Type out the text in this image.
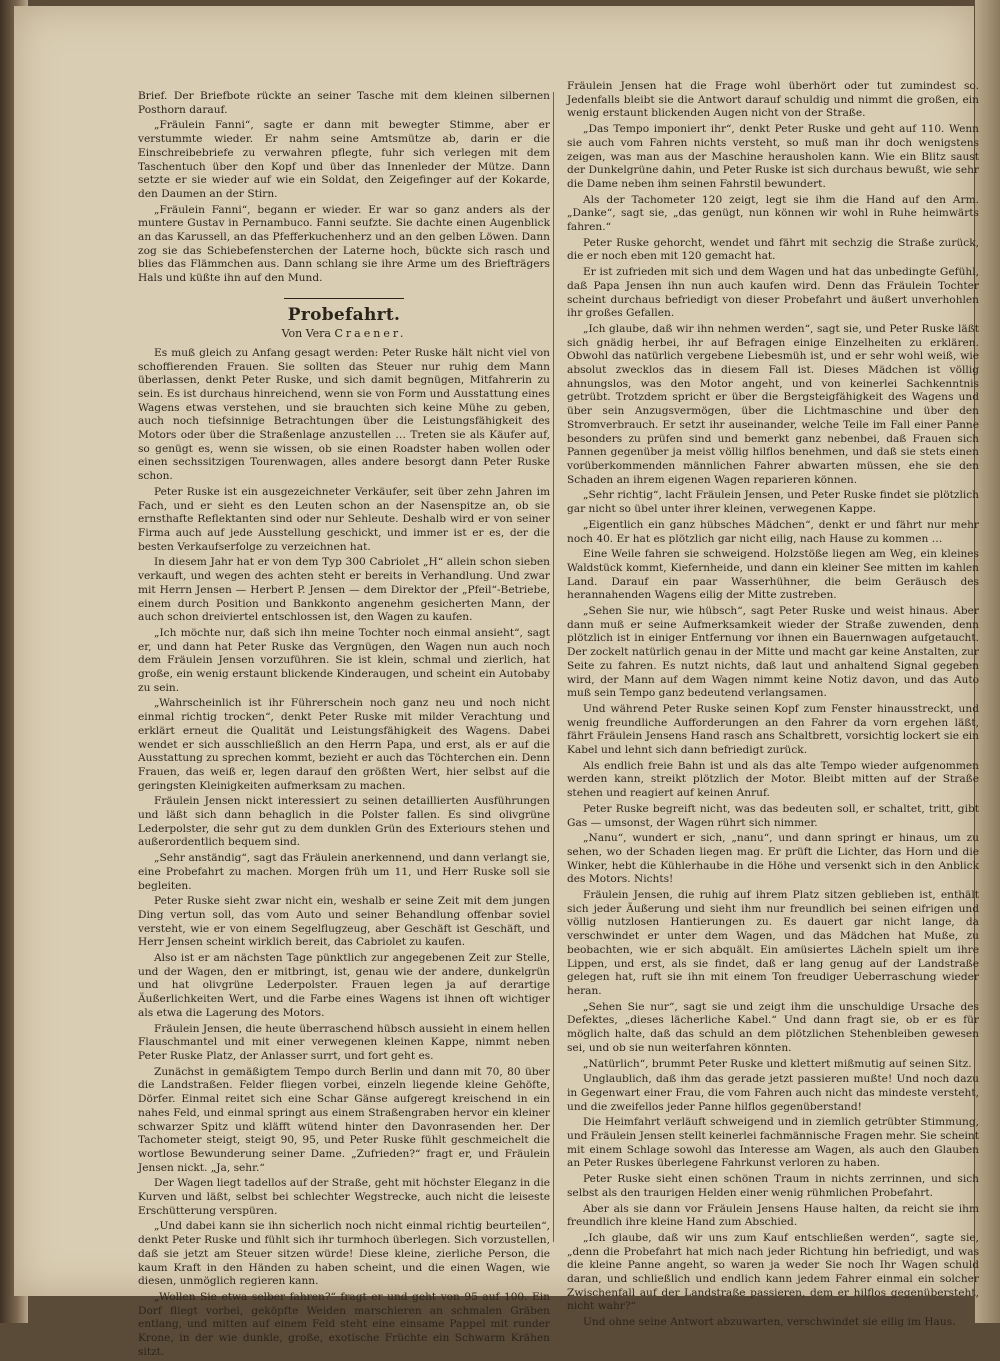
Brief. Der Briefbote rückte an seiner Tasche mit dem kleinen silbernen Posthorn darauf.

„Fräulein Fanni“, sagte er dann mit bewegter Stimme, aber er verstummte wieder. Er nahm seine Amtsmütze ab, darin er die Einschreibebriefe zu verwahren pflegte, fuhr sich verlegen mit dem Taschentuch über den Kopf und über das Innenleder der Mütze. Dann setzte er sie wieder auf wie ein Soldat, den Zeigefinger auf der Kokarde, den Daumen an der Stirn.

„Fräulein Fanni“, begann er wieder. Er war so ganz anders als der muntere Gustav in Pernambuco. Fanni seufzte. Sie dachte einen Augenblick an das Karussell, an das Pfefferkuchenherz und an den gelben Löwen. Dann zog sie das Schiebefensterchen der Laterne hoch, bückte sich rasch und blies das Flämmchen aus. Dann schlang sie ihre Arme um des Briefträgers Hals und küßte ihn auf den Mund.

Probefahrt.
Von Vera Craener.

Es muß gleich zu Anfang gesagt werden: Peter Ruske hält nicht viel von schoffierenden Frauen. Sie sollten das Steuer nur ruhig dem Mann überlassen, denkt Peter Ruske, und sich damit begnügen, Mitfahrerin zu sein. Es ist durchaus hinreichend, wenn sie von Form und Ausstattung eines Wagens etwas verstehen, und sie brauchten sich keine Mühe zu geben, auch noch tiefsinnige Betrachtungen über die Leistungsfähigkeit des Motors oder über die Straßenlage anzustellen … Treten sie als Käufer auf, so genügt es, wenn sie wissen, ob sie einen Roadster haben wollen oder einen sechssitzigen Tourenwagen, alles andere besorgt dann Peter Ruske schon.

Peter Ruske ist ein ausgezeichneter Verkäufer, seit über zehn Jahren im Fach, und er sieht es den Leuten schon an der Nasenspitze an, ob sie ernsthafte Reflektanten sind oder nur Sehleute. Deshalb wird er von seiner Firma auch auf jede Ausstellung geschickt, und immer ist er es, der die besten Verkaufserfolge zu verzeichnen hat.

In diesem Jahr hat er von dem Typ 300 Cabriolet „H“ allein schon sieben verkauft, und wegen des achten steht er bereits in Verhandlung. Und zwar mit Herrn Jensen — Herbert P. Jensen — dem Direktor der „Pfeil“-Betriebe, einem durch Position und Bankkonto angenehm gesicherten Mann, der auch schon dreiviertel entschlossen ist, den Wagen zu kaufen.

„Ich möchte nur, daß sich ihn meine Tochter noch einmal ansieht“, sagt er, und dann hat Peter Ruske das Vergnügen, den Wagen nun auch noch dem Fräulein Jensen vorzuführen. Sie ist klein, schmal und zierlich, hat große, ein wenig erstaunt blickende Kinderaugen, und scheint ein Autobaby zu sein.

„Wahrscheinlich ist ihr Führerschein noch ganz neu und noch nicht einmal richtig trocken“, denkt Peter Ruske mit milder Verachtung und erklärt erneut die Qualität und Leistungsfähigkeit des Wagens. Dabei wendet er sich ausschließlich an den Herrn Papa, und erst, als er auf die Ausstattung zu sprechen kommt, bezieht er auch das Töchterchen ein. Denn Frauen, das weiß er, legen darauf den größten Wert, hier selbst auf die geringsten Kleinigkeiten aufmerksam zu machen.

Fräulein Jensen nickt interessiert zu seinen detaillierten Ausführungen und läßt sich dann behaglich in die Polster fallen. Es sind olivgrüne Lederpolster, die sehr gut zu dem dunklen Grün des Exteriours stehen und außerordentlich bequem sind.

„Sehr anständig“, sagt das Fräulein anerkennend, und dann verlangt sie, eine Probefahrt zu machen. Morgen früh um 11, und Herr Ruske soll sie begleiten.

Peter Ruske sieht zwar nicht ein, weshalb er seine Zeit mit dem jungen Ding vertun soll, das vom Auto und seiner Behandlung offenbar soviel versteht, wie er von einem Segelflugzeug, aber Geschäft ist Geschäft, und Herr Jensen scheint wirklich bereit, das Cabriolet zu kaufen.

Also ist er am nächsten Tage pünktlich zur angegebenen Zeit zur Stelle, und der Wagen, den er mitbringt, ist, genau wie der andere, dunkelgrün und hat olivgrüne Lederpolster. Frauen legen ja auf derartige Äußerlichkeiten Wert, und die Farbe eines Wagens ist ihnen oft wichtiger als etwa die Lagerung des Motors.

Fräulein Jensen, die heute überraschend hübsch aussieht in einem hellen Flauschmantel und mit einer verwegenen kleinen Kappe, nimmt neben Peter Ruske Platz, der Anlasser surrt, und fort geht es.

Zunächst in gemäßigtem Tempo durch Berlin und dann mit 70, 80 über die Landstraßen. Felder fliegen vorbei, einzeln liegende kleine Gehöfte, Dörfer. Einmal reitet sich eine Schar Gänse aufgeregt kreischend in ein nahes Feld, und einmal springt aus einem Straßengraben hervor ein kleiner schwarzer Spitz und kläfft wütend hinter den Davonrasenden her. Der Tachometer steigt, steigt 90, 95, und Peter Ruske fühlt geschmeichelt die wortlose Bewunderung seiner Dame. „Zufrieden?“ fragt er, und Fräulein Jensen nickt. „Ja, sehr.“

Der Wagen liegt tadellos auf der Straße, geht mit höchster Eleganz in die Kurven und läßt, selbst bei schlechter Wegstrecke, auch nicht die leiseste Erschütterung verspüren.

„Und dabei kann sie ihn sicherlich noch nicht einmal richtig beurteilen“, denkt Peter Ruske und fühlt sich ihr turmhoch überlegen. Sich vorzustellen, daß sie jetzt am Steuer sitzen würde! Diese kleine, zierliche Person, die kaum Kraft in den Händen zu haben scheint, und die einen Wagen, wie diesen, unmöglich regieren kann.

„Wollen Sie etwa selber fahren?“ fragt er und geht von 95 auf 100. Ein Dorf fliegt vorbei, geköpfte Weiden marschieren an schmalen Gräben entlang, und mitten auf einem Feld steht eine einsame Pappel mit runder Krone, in der wie dunkle, große, exotische Früchte ein Schwarm Krähen sitzt.

Fräulein Jensen hat die Frage wohl überhört oder tut zumindest so. Jedenfalls bleibt sie die Antwort darauf schuldig und nimmt die großen, ein wenig erstaunt blickenden Augen nicht von der Straße.

„Das Tempo imponiert ihr“, denkt Peter Ruske und geht auf 110. Wenn sie auch vom Fahren nichts versteht, so muß man ihr doch wenigstens zeigen, was man aus der Maschine herausholen kann. Wie ein Blitz saust der Dunkelgrüne dahin, und Peter Ruske ist sich durchaus bewußt, wie sehr die Dame neben ihm seinen Fahrstil bewundert.

Als der Tachometer 120 zeigt, legt sie ihm die Hand auf den Arm. „Danke“, sagt sie, „das genügt, nun können wir wohl in Ruhe heimwärts fahren.“

Peter Ruske gehorcht, wendet und fährt mit sechzig die Straße zurück, die er noch eben mit 120 gemacht hat.

Er ist zufrieden mit sich und dem Wagen und hat das unbedingte Gefühl, daß Papa Jensen ihn nun auch kaufen wird. Denn das Fräulein Tochter scheint durchaus befriedigt von dieser Probefahrt und äußert unverhohlen ihr großes Gefallen.

„Ich glaube, daß wir ihn nehmen werden“, sagt sie, und Peter Ruske läßt sich gnädig herbei, ihr auf Befragen einige Einzelheiten zu erklären. Obwohl das natürlich vergebene Liebesmüh ist, und er sehr wohl weiß, wie absolut zwecklos das in diesem Fall ist. Dieses Mädchen ist völlig ahnungslos, was den Motor angeht, und von keinerlei Sachkenntnis getrübt. Trotzdem spricht er über die Bergsteigfähigkeit des Wagens und über sein Anzugsvermögen, über die Lichtmaschine und über den Stromverbrauch. Er setzt ihr auseinander, welche Teile im Fall einer Panne besonders zu prüfen sind und bemerkt ganz nebenbei, daß Frauen sich Pannen gegenüber ja meist völlig hilflos benehmen, und daß sie stets einen vorüberkommenden männlichen Fahrer abwarten müssen, ehe sie den Schaden an ihrem eigenen Wagen reparieren können.

„Sehr richtig“, lacht Fräulein Jensen, und Peter Ruske findet sie plötzlich gar nicht so übel unter ihrer kleinen, verwegenen Kappe.

„Eigentlich ein ganz hübsches Mädchen“, denkt er und fährt nur mehr noch 40. Er hat es plötzlich gar nicht eilig, nach Hause zu kommen …

Eine Weile fahren sie schweigend. Holzstöße liegen am Weg, ein kleines Waldstück kommt, Kiefernheide, und dann ein kleiner See mitten im kahlen Land. Darauf ein paar Wasserhühner, die beim Geräusch des herannahenden Wagens eilig der Mitte zustreben.

„Sehen Sie nur, wie hübsch“, sagt Peter Ruske und weist hinaus. Aber dann muß er seine Aufmerksamkeit wieder der Straße zuwenden, denn plötzlich ist in einiger Entfernung vor ihnen ein Bauernwagen aufgetaucht. Der zockelt natürlich genau in der Mitte und macht gar keine Anstalten, zur Seite zu fahren. Es nutzt nichts, daß laut und anhaltend Signal gegeben wird, der Mann auf dem Wagen nimmt keine Notiz davon, und das Auto muß sein Tempo ganz bedeutend verlangsamen.

Und während Peter Ruske seinen Kopf zum Fenster hinausstreckt, und wenig freundliche Aufforderungen an den Fahrer da vorn ergehen läßt, fährt Fräulein Jensens Hand rasch ans Schaltbrett, vorsichtig lockert sie ein Kabel und lehnt sich dann befriedigt zurück.

Als endlich freie Bahn ist und als das alte Tempo wieder aufgenommen werden kann, streikt plötzlich der Motor. Bleibt mitten auf der Straße stehen und reagiert auf keinen Anruf.

Peter Ruske begreift nicht, was das bedeuten soll, er schaltet, tritt, gibt Gas — umsonst, der Wagen rührt sich nimmer.

„Nanu“, wundert er sich, „nanu“, und dann springt er hinaus, um zu sehen, wo der Schaden liegen mag. Er prüft die Lichter, das Horn und die Winker, hebt die Kühlerhaube in die Höhe und versenkt sich in den Anblick des Motors. Nichts!

Fräulein Jensen, die ruhig auf ihrem Platz sitzen geblieben ist, enthält sich jeder Äußerung und sieht ihm nur freundlich bei seinen eifrigen und völlig nutzlosen Hantierungen zu. Es dauert gar nicht lange, da verschwindet er unter dem Wagen, und das Mädchen hat Muße, zu beobachten, wie er sich abquält. Ein amüsiertes Lächeln spielt um ihre Lippen, und erst, als sie findet, daß er lang genug auf der Landstraße gelegen hat, ruft sie ihn mit einem Ton freudiger Ueberraschung wieder heran.

„Sehen Sie nur“, sagt sie und zeigt ihm die unschuldige Ursache des Defektes, „dieses lächerliche Kabel.“ Und dann fragt sie, ob er es für möglich halte, daß das schuld an dem plötzlichen Stehenbleiben gewesen sei, und ob sie nun weiterfahren könnten.

„Natürlich“, brummt Peter Ruske und klettert mißmutig auf seinen Sitz.

Unglaublich, daß ihm das gerade jetzt passieren mußte! Und noch dazu in Gegenwart einer Frau, die vom Fahren auch nicht das mindeste versteht, und die zweifellos jeder Panne hilflos gegenüberstand!

Die Heimfahrt verläuft schweigend und in ziemlich getrübter Stimmung, und Fräulein Jensen stellt keinerlei fachmännische Fragen mehr. Sie scheint mit einem Schlage sowohl das Interesse am Wagen, als auch den Glauben an Peter Ruskes überlegene Fahrkunst verloren zu haben.

Peter Ruske sieht einen schönen Traum in nichts zerrinnen, und sich selbst als den traurigen Helden einer wenig rühmlichen Probefahrt.

Aber als sie dann vor Fräulein Jensens Hause halten, da reicht sie ihm freundlich ihre kleine Hand zum Abschied.

„Ich glaube, daß wir uns zum Kauf entschließen werden“, sagte sie, „denn die Probefahrt hat mich nach jeder Richtung hin befriedigt, und was die kleine Panne angeht, so waren ja weder Sie noch Ihr Wagen schuld daran, und schließlich und endlich kann jedem Fahrer einmal ein solcher Zwischenfall auf der Landstraße passieren, dem er hilflos gegenübersteht, nicht wahr?“

Und ohne seine Antwort abzuwarten, verschwindet sie eilig im Haus.
